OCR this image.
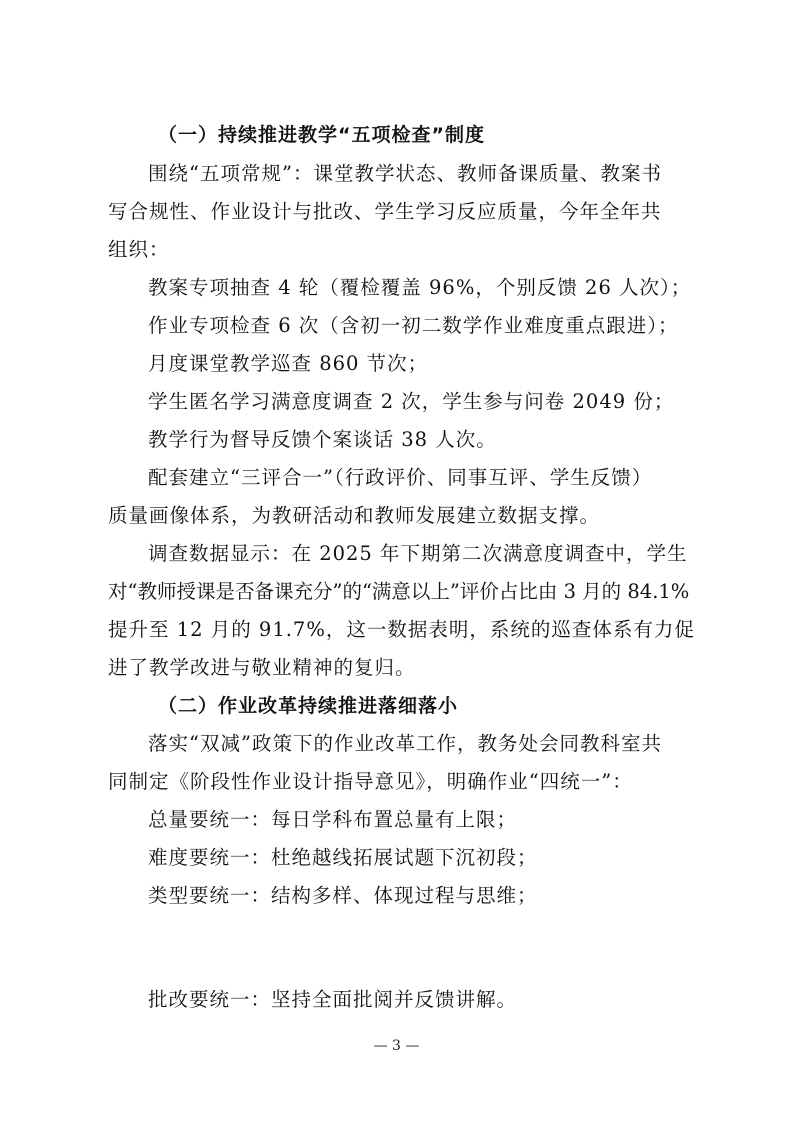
（一）持续推进教学“五项检查”制度
围绕“五项常规”：课堂教学状态、教师备课质量、教案书
写合规性、作业设计与批改、学生学习反应质量，今年全年共
组织：
教案专项抽查 4 轮（覆检覆盖 96%，个别反馈 26 人次）；
作业专项检查 6 次（含初一初二数学作业难度重点跟进）；
月度课堂教学巡查 860 节次；
学生匿名学习满意度调查 2 次，学生参与问卷 2049 份；
教学行为督导反馈个案谈话 38 人次。
配套建立“三评合一”（行政评价、同事互评、学生反馈）
质量画像体系，为教研活动和教师发展建立数据支撑。
调查数据显示：在 2025 年下期第二次满意度调查中，学生
对“教师授课是否备课充分”的“满意以上”评价占比由 3 月的 84.1%
提升至 12 月的 91.7%，这一数据表明，系统的巡查体系有力促
进了教学改进与敬业精神的复归。
（二）作业改革持续推进落细落小
落实“双减”政策下的作业改革工作，教务处会同教科室共
同制定《阶段性作业设计指导意见》，明确作业“四统一”：
总量要统一：每日学科布置总量有上限；
难度要统一：杜绝越线拓展试题下沉初段；
类型要统一：结构多样、体现过程与思维；
批改要统一：坚持全面批阅并反馈讲解。
— 3 —
